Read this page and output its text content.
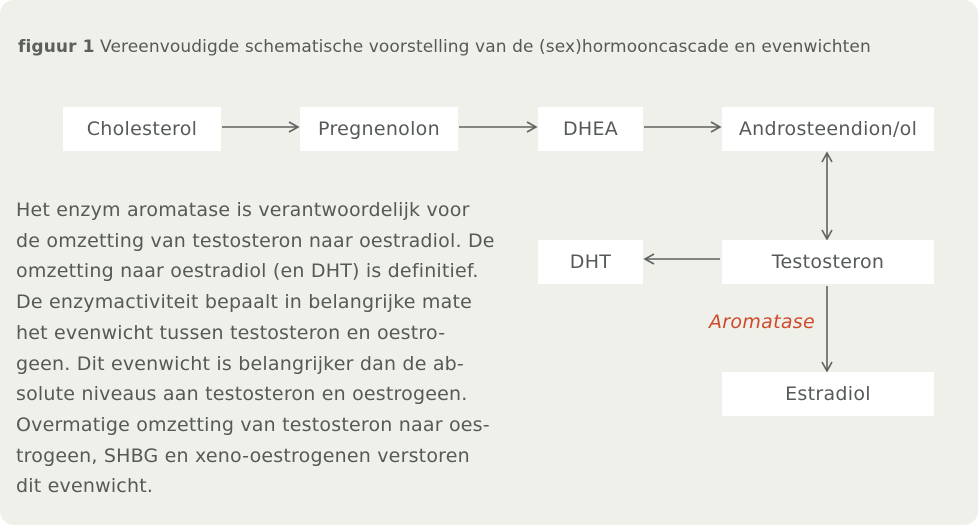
figuur 1 Vereenvoudigde schematische voorstelling van de (sex)hormooncascade en evenwichten
Cholesterol	Pregnenolon	DHEA	Androsteendion/ol
DHT	Testosteron
Estradiol
Aromatase
Het enzym aromatase is verantwoordelijk voor
de omzetting van testosteron naar oestradiol. De
omzetting naar oestradiol (en DHT) is definitief.
De enzymactiviteit bepaalt in belangrijke mate
het evenwicht tussen testosteron en oestro-
geen. Dit evenwicht is belangrijker dan de ab-
solute niveaus aan testosteron en oestrogeen.
Overmatige omzetting van testosteron naar oes-
trogeen, SHBG en xeno-oestrogenen verstoren
dit evenwicht.
